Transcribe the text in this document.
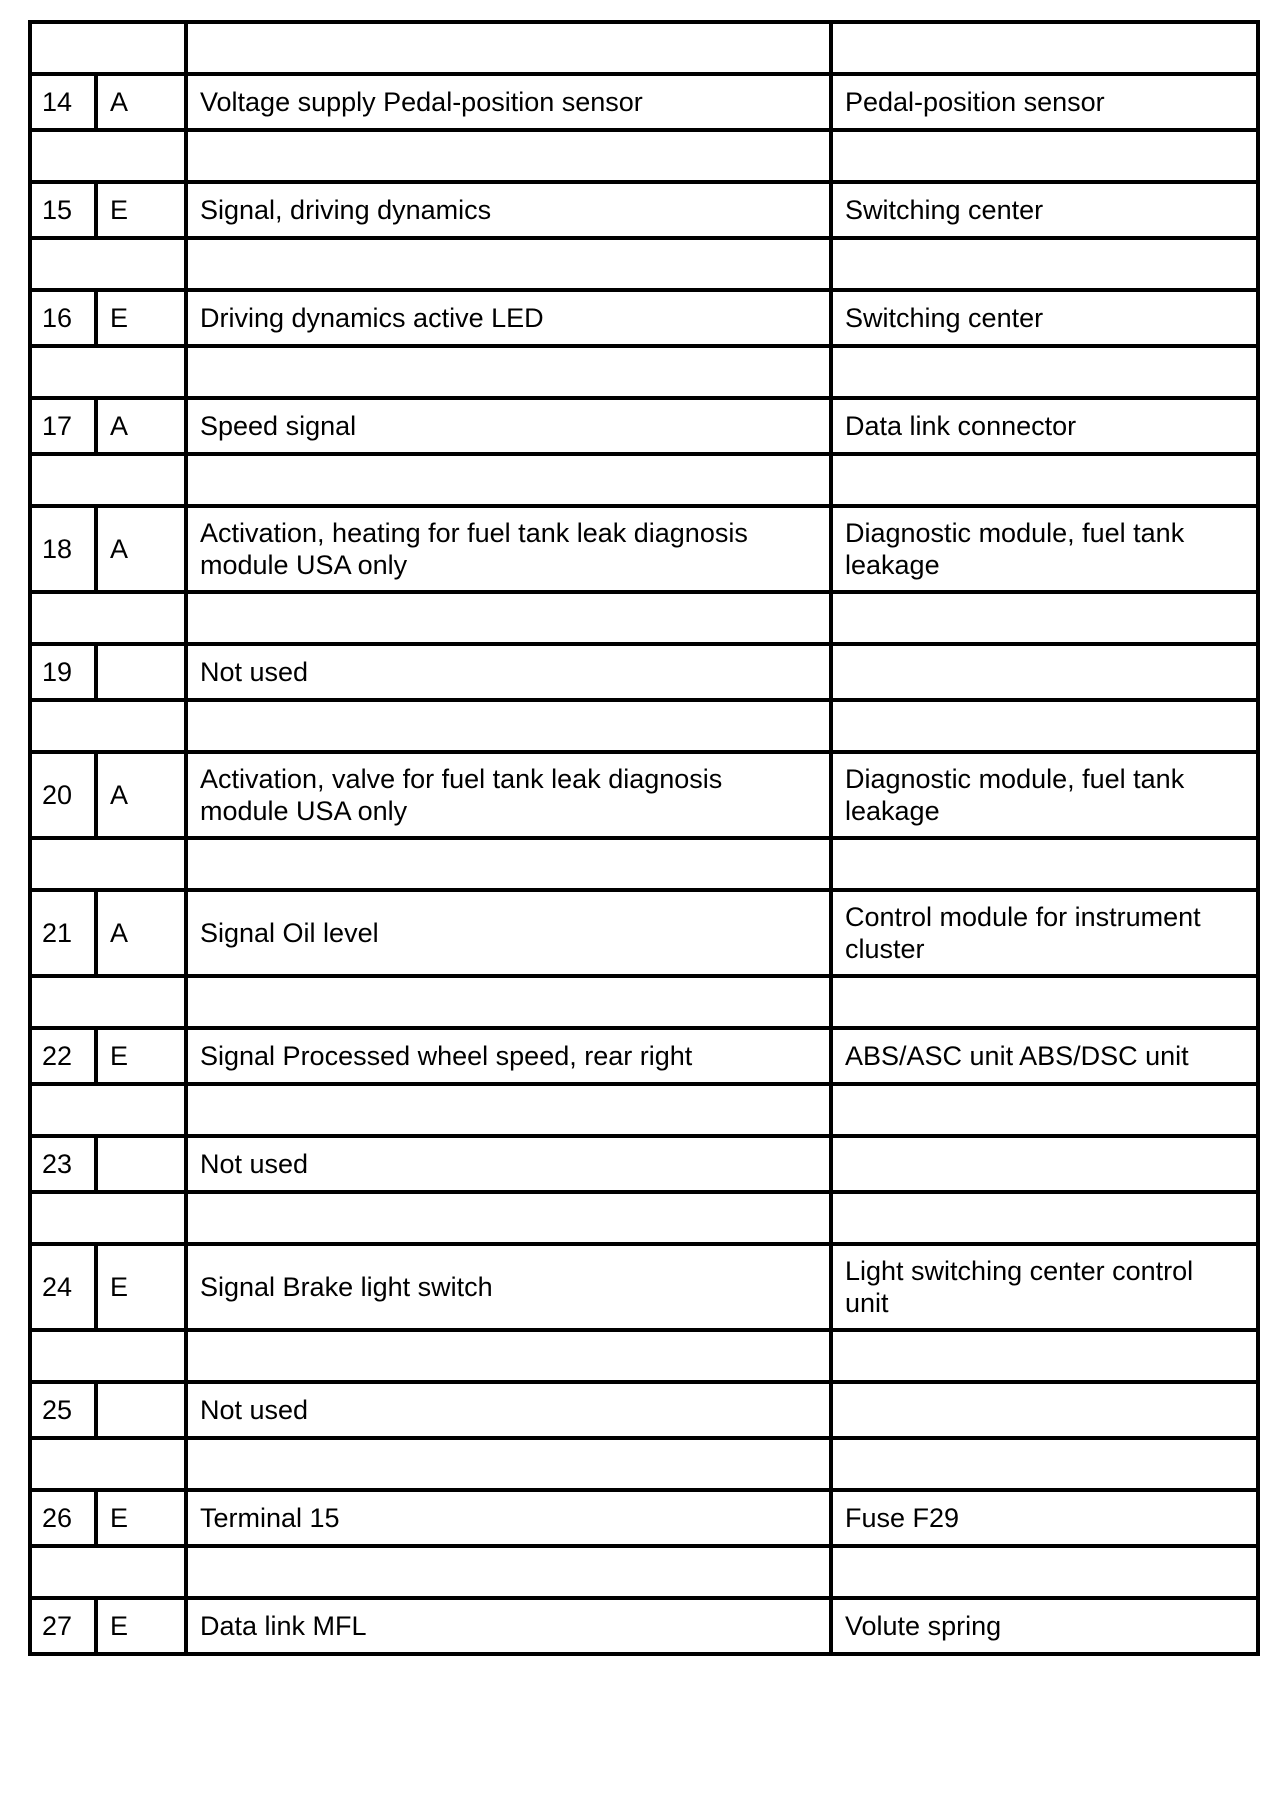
14	A	Voltage supply Pedal-position sensor	Pedal-position sensor

15	E	Signal, driving dynamics	Switching center

16	E	Driving dynamics active LED	Switching center

17	A	Speed signal	Data link connector

18	A	Activation, heating for fuel tank leak diagnosis module USA only	Diagnostic module, fuel tank leakage

19		Not used	

20	A	Activation, valve for fuel tank leak diagnosis module USA only	Diagnostic module, fuel tank leakage

21	A	Signal Oil level	Control module for instrument cluster

22	E	Signal Processed wheel speed, rear right	ABS/ASC unit ABS/DSC unit

23		Not used	

24	E	Signal Brake light switch	Light switching center control unit

25		Not used	

26	E	Terminal 15	Fuse F29

27	E	Data link MFL	Volute spring
